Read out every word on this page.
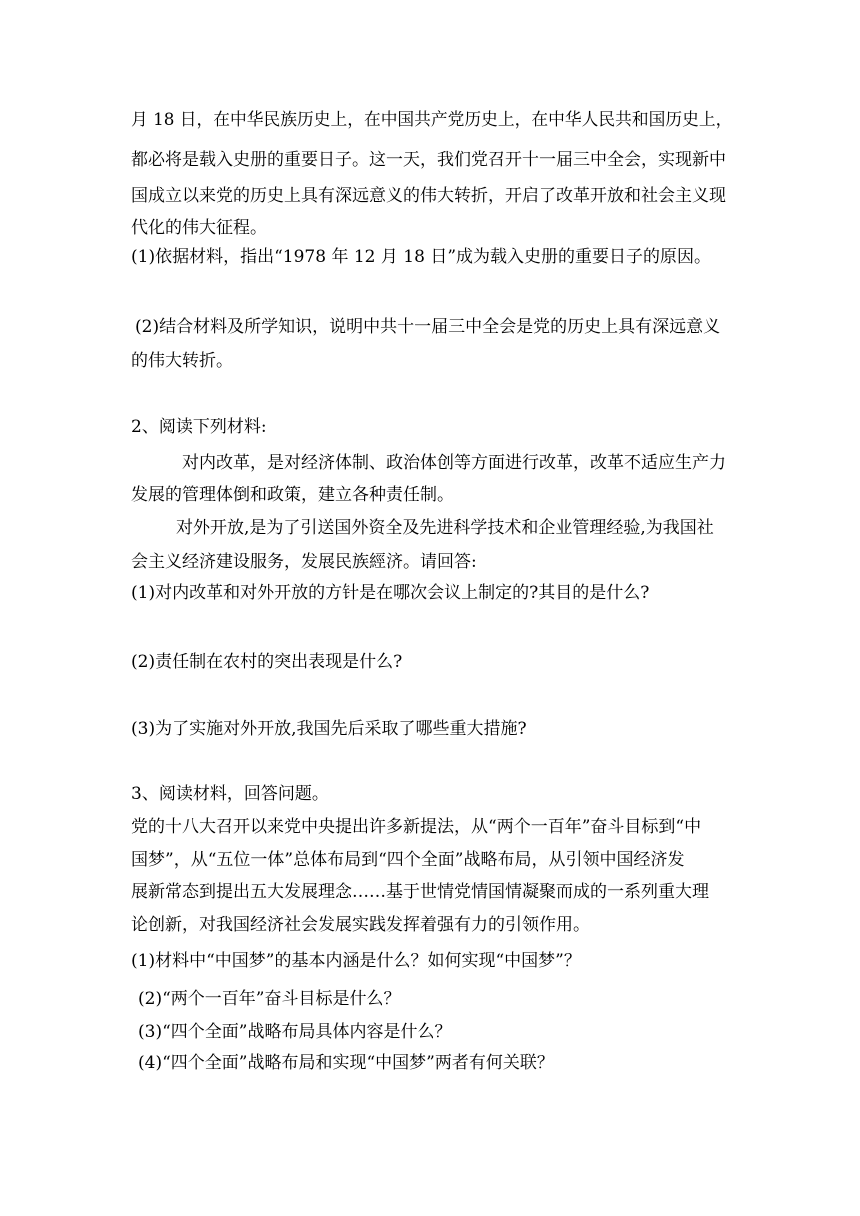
月 18 日，在中华民族历史上，在中国共产党历史上，在中华人民共和国历史上，
都必将是载入史册的重要日子。这一天，我们党召开十一届三中全会，实现新中
国成立以来党的历史上具有深远意义的伟大转折，开启了改革开放和社会主义现
代化的伟大征程。
(1)依据材料，指出“1978 年 12 月 18 日”成为载入史册的重要日子的原因。
(2)结合材料及所学知识，说明中共十一届三中全会是党的历史上具有深远意义
的伟大转折。
2、阅读下列材料:
对内改革，是对经济体制、政治体创等方面进行改革，改革不适应生产力
发展的管理体倒和政策，建立各种责任制。
对外开放,是为了引送国外资全及先进科学技术和企业管理经验,为我国社
会主义经济建设服务，发展民族經济。请回答:
(1)对内改革和对外开放的方针是在哪次会议上制定的?其目的是什么?
(2)责任制在农村的突出表现是什么?
(3)为了实施对外开放,我国先后采取了哪些重大措施?
3、阅读材料，回答问题。
党的十八大召开以来党中央提出许多新提法，从“两个一百年”奋斗目标到“中
国梦”，从“五位一体”总体布局到“四个全面”战略布局，从引领中国经济发
展新常态到提出五大发展理念……基于世情党情国情凝聚而成的一系列重大理
论创新，对我国经济社会发展实践发挥着强有力的引领作用。
(1)材料中“中国梦”的基本内涵是什么？如何实现“中国梦”？
(2)“两个一百年”奋斗目标是什么？
(3)“四个全面”战略布局具体内容是什么？
(4)“四个全面”战略布局和实现“中国梦”两者有何关联？
